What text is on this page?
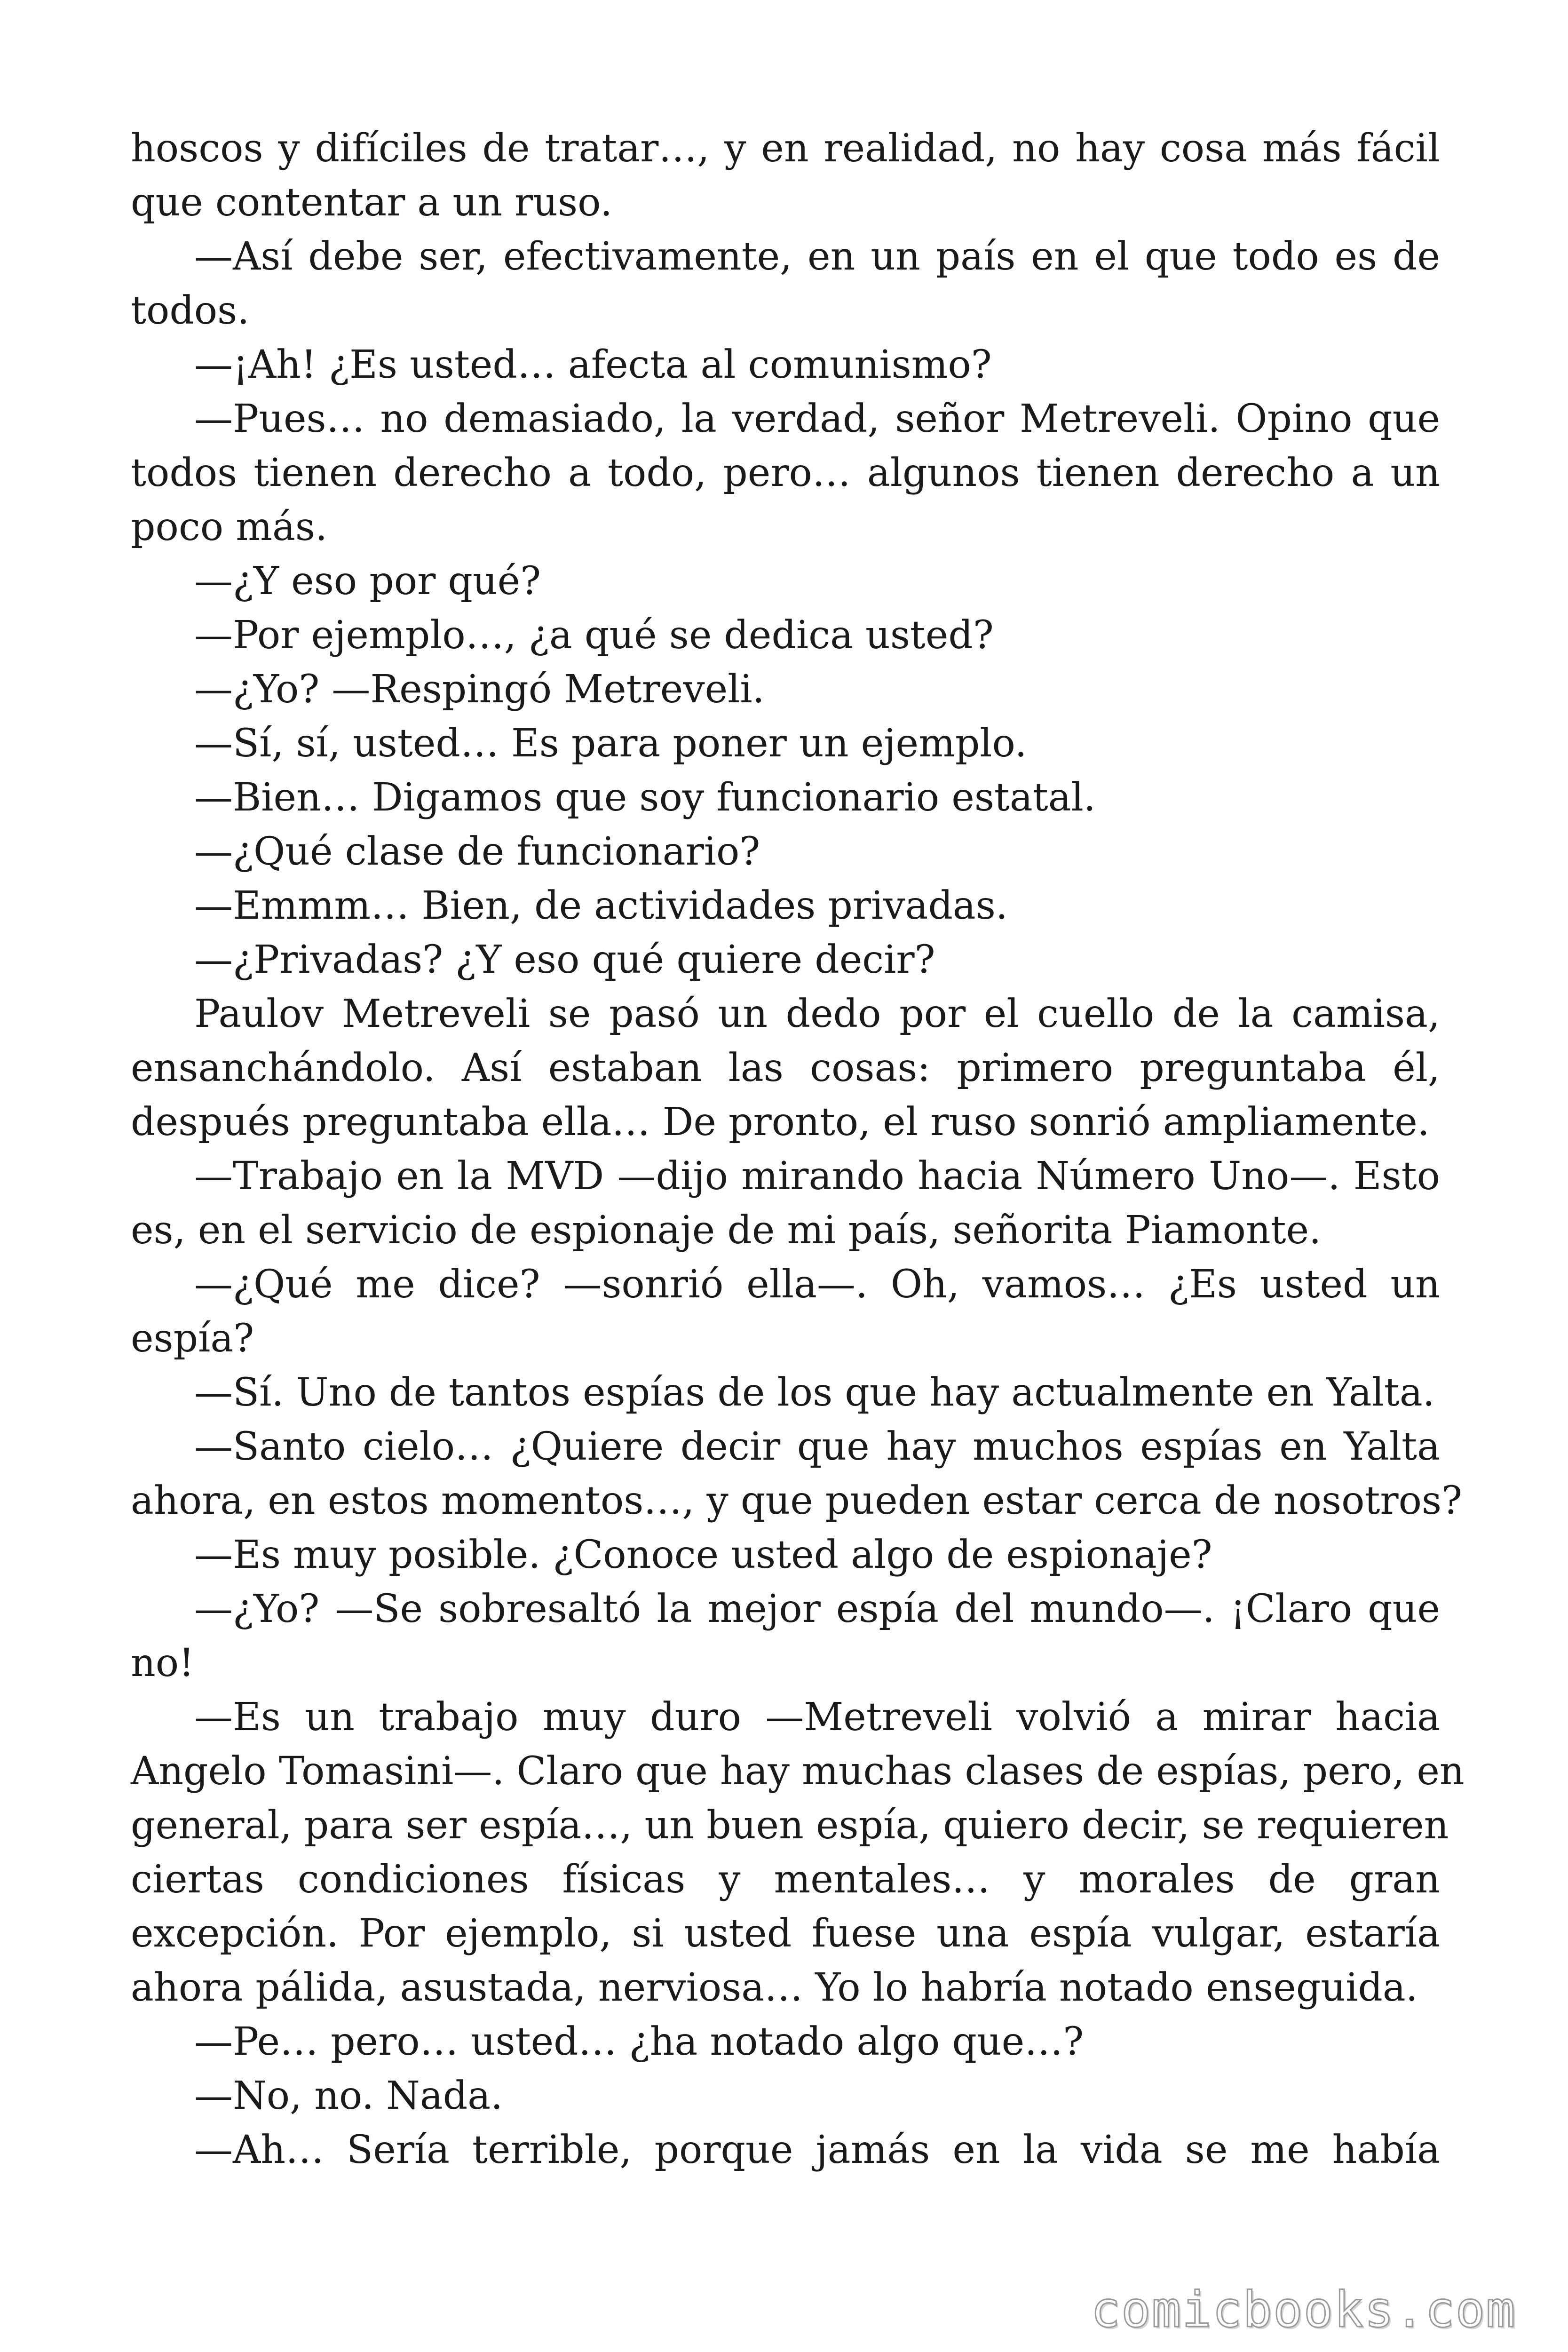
hoscos y difíciles de tratar…, y en realidad, no hay cosa más fácil
que contentar a un ruso.
—Así debe ser, efectivamente, en un país en el que todo es de
todos.
—¡Ah! ¿Es usted… afecta al comunismo?
—Pues… no demasiado, la verdad, señor Metreveli. Opino que
todos tienen derecho a todo, pero… algunos tienen derecho a un
poco más.
—¿Y eso por qué?
—Por ejemplo…, ¿a qué se dedica usted?
—¿Yo? —Respingó Metreveli.
—Sí, sí, usted… Es para poner un ejemplo.
—Bien… Digamos que soy funcionario estatal.
—¿Qué clase de funcionario?
—Emmm… Bien, de actividades privadas.
—¿Privadas? ¿Y eso qué quiere decir?
Paulov Metreveli se pasó un dedo por el cuello de la camisa,
ensanchándolo. Así estaban las cosas: primero preguntaba él,
después preguntaba ella… De pronto, el ruso sonrió ampliamente.
—Trabajo en la MVD —dijo mirando hacia Número Uno—. Esto
es, en el servicio de espionaje de mi país, señorita Piamonte.
—¿Qué me dice? —sonrió ella—. Oh, vamos… ¿Es usted un
espía?
—Sí. Uno de tantos espías de los que hay actualmente en Yalta.
—Santo cielo… ¿Quiere decir que hay muchos espías en Yalta
ahora, en estos momentos…, y que pueden estar cerca de nosotros?
—Es muy posible. ¿Conoce usted algo de espionaje?
—¿Yo? —Se sobresaltó la mejor espía del mundo—. ¡Claro que
no!
—Es un trabajo muy duro —Metreveli volvió a mirar hacia
Angelo Tomasini—. Claro que hay muchas clases de espías, pero, en
general, para ser espía…, un buen espía, quiero decir, se requieren
ciertas condiciones físicas y mentales… y morales de gran
excepción. Por ejemplo, si usted fuese una espía vulgar, estaría
ahora pálida, asustada, nerviosa… Yo lo habría notado enseguida.
—Pe… pero… usted… ¿ha notado algo que…?
—No, no. Nada.
—Ah… Sería terrible, porque jamás en la vida se me había
comicbooks.com
